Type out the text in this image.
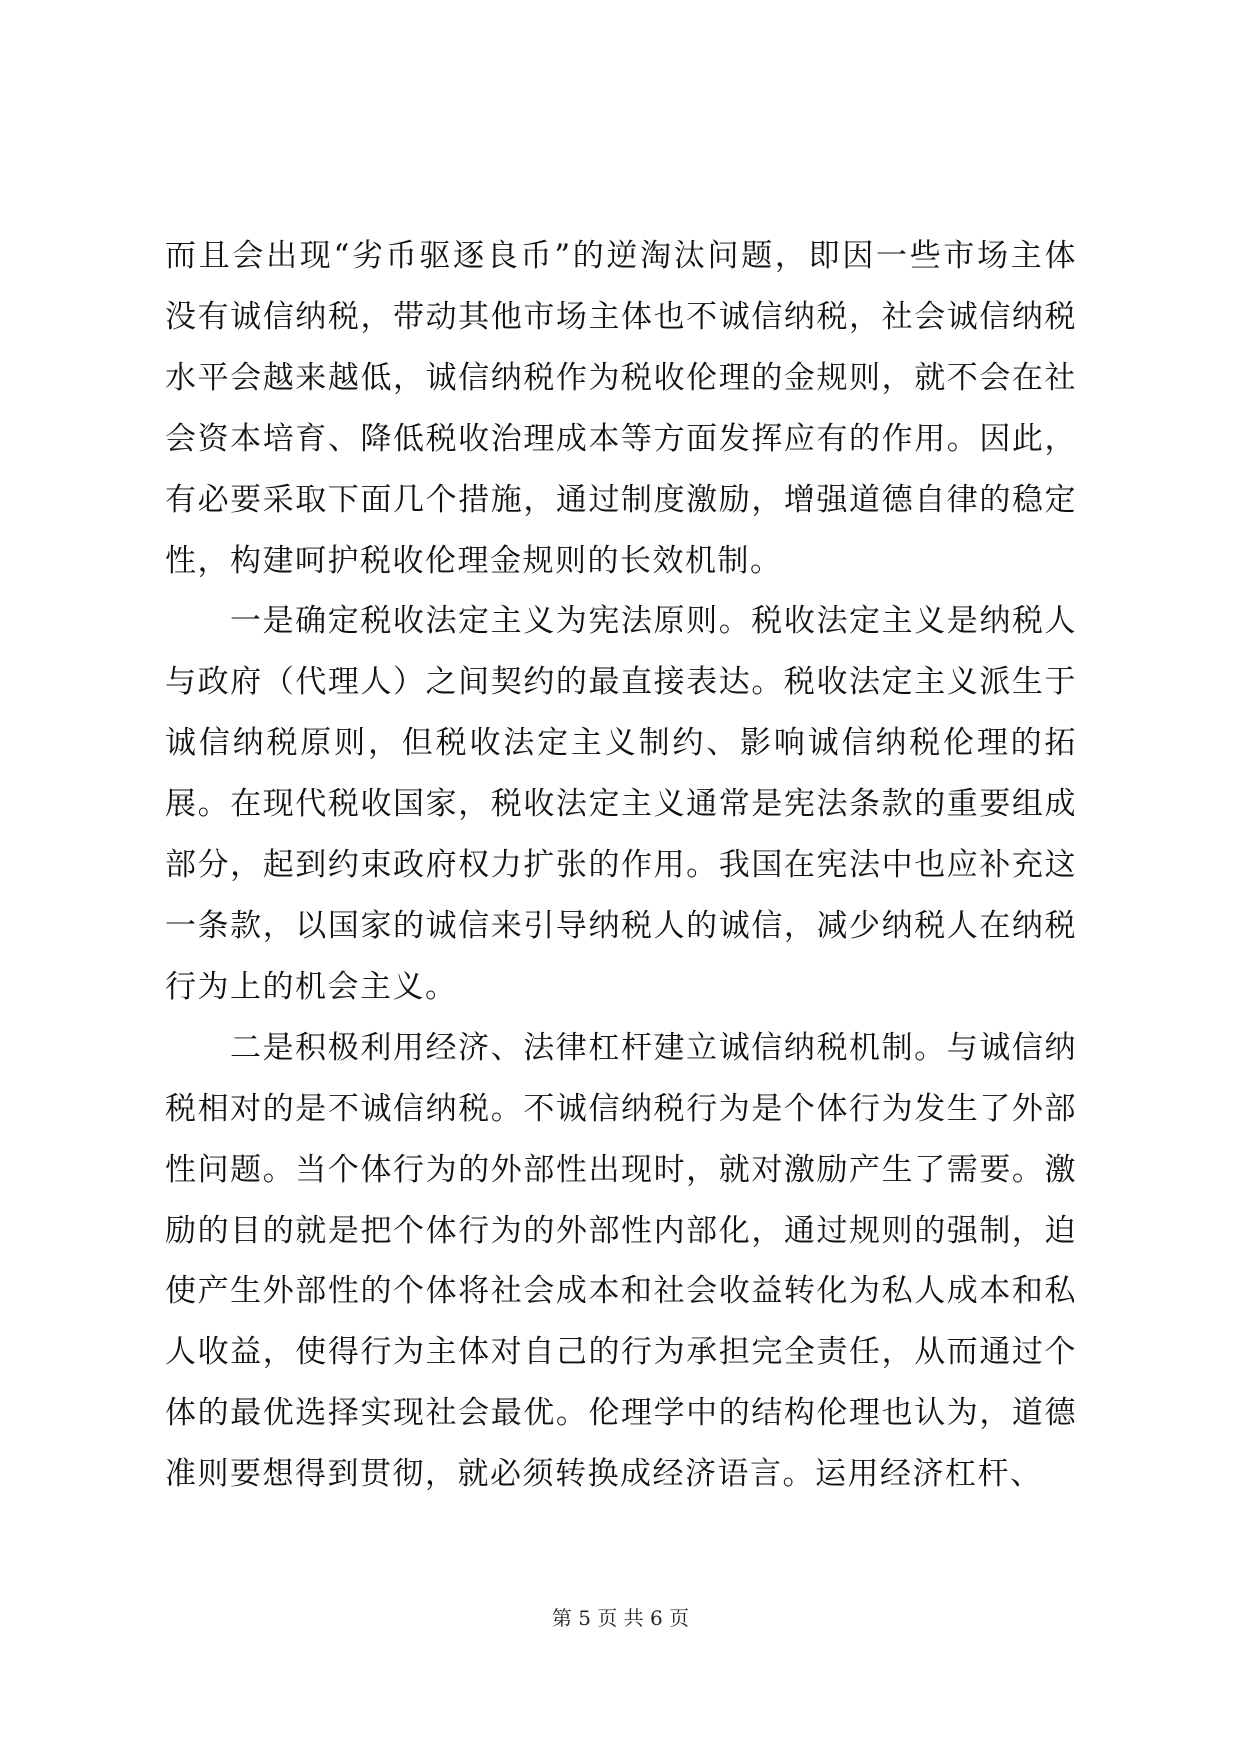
而且会出现“劣币驱逐良币”的逆淘汰问题，即因一些市场主体没有诚信纳税，带动其他市场主体也不诚信纳税，社会诚信纳税水平会越来越低，诚信纳税作为税收伦理的金规则，就不会在社会资本培育、降低税收治理成本等方面发挥应有的作用。因此，有必要采取下面几个措施，通过制度激励，增强道德自律的稳定性，构建呵护税收伦理金规则的长效机制。

一是确定税收法定主义为宪法原则。税收法定主义是纳税人与政府（代理人）之间契约的最直接表达。税收法定主义派生于诚信纳税原则，但税收法定主义制约、影响诚信纳税伦理的拓展。在现代税收国家，税收法定主义通常是宪法条款的重要组成部分，起到约束政府权力扩张的作用。我国在宪法中也应补充这一条款，以国家的诚信来引导纳税人的诚信，减少纳税人在纳税行为上的机会主义。

二是积极利用经济、法律杠杆建立诚信纳税机制。与诚信纳税相对的是不诚信纳税。不诚信纳税行为是个体行为发生了外部性问题。当个体行为的外部性出现时，就对激励产生了需要。激励的目的就是把个体行为的外部性内部化，通过规则的强制，迫使产生外部性的个体将社会成本和社会收益转化为私人成本和私人收益，使得行为主体对自己的行为承担完全责任，从而通过个体的最优选择实现社会最优。伦理学中的结构伦理也认为，道德准则要想得到贯彻，就必须转换成经济语言。运用经济杠杆、

第 5 页 共 6 页
